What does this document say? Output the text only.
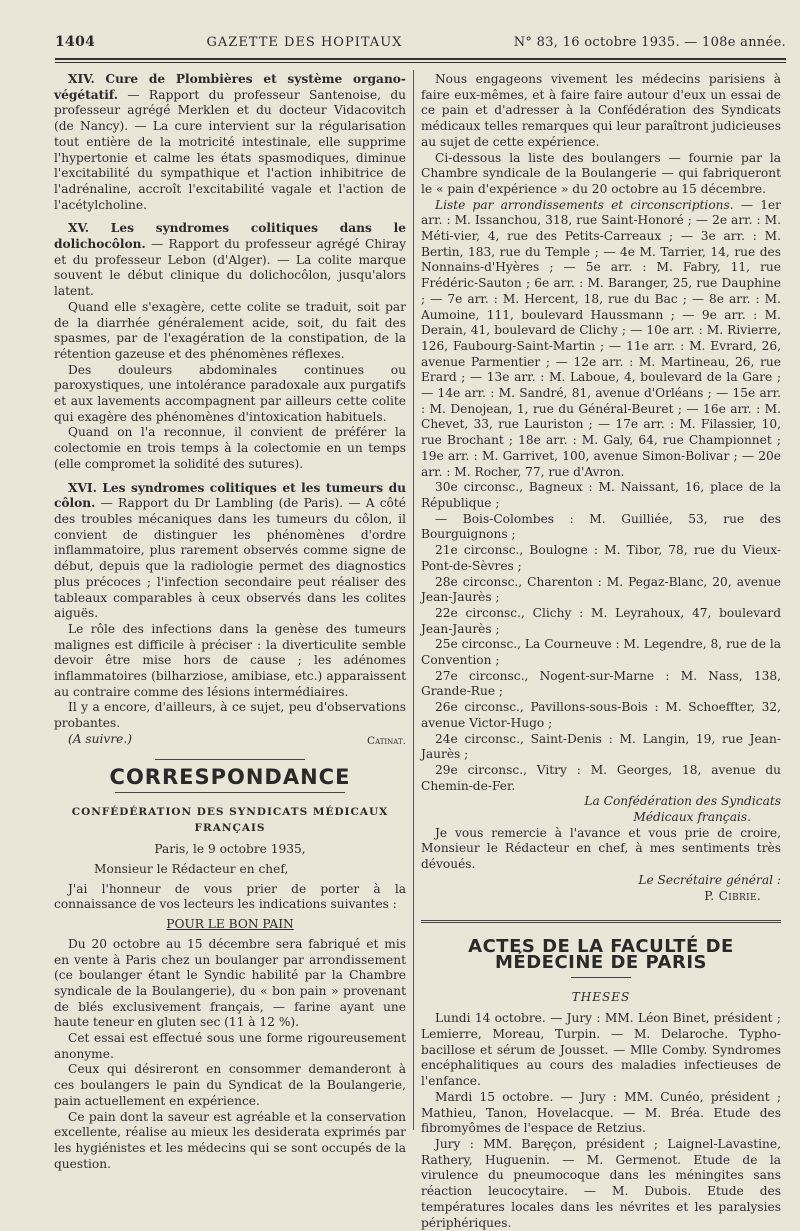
1404	GAZETTE DES HOPITAUX	N° 83, 16 octobre 1935. — 108e année.

XIV. Cure de Plombières et système organo-végétatif. — Rapport du professeur Santenoise, du professeur agrégé Merklen et du docteur Vidacovitch (de Nancy). — La cure intervient sur la régularisation tout entière de la motricité intestinale, elle supprime l'hypertonie et calme les états spasmodiques, diminue l'excitabilité du sympathique et l'action inhibitrice de l'adrénaline, accroît l'excitabilité vagale et l'action de l'acétylcholine.

XV. Les syndromes colitiques dans le dolichocôlon. — Rapport du professeur agrégé Chiray et du professeur Lebon (d'Alger). — La colite marque souvent le début clinique du dolichocôlon, jusqu'alors latent.

Quand elle s'exagère, cette colite se traduit, soit par de la diarrhée généralement acide, soit, du fait des spasmes, par de l'exagération de la constipation, de la rétention gazeuse et des phénomènes réflexes.

Des douleurs abdominales continues ou paroxystiques, une intolérance paradoxale aux purgatifs et aux lavements accompagnent par ailleurs cette colite qui exagère des phénomènes d'intoxication habituels.

Quand on l'a reconnue, il convient de préférer la colectomie en trois temps à la colectomie en un temps (elle compromet la solidité des sutures).

XVI. Les syndromes colitiques et les tumeurs du côlon. — Rapport du Dr Lambling (de Paris). — A côté des troubles mécaniques dans les tumeurs du côlon, il convient de distinguer les phénomènes d'ordre inflammatoire, plus rarement observés comme signe de début, depuis que la radiologie permet des diagnostics plus précoces ; l'infection secondaire peut réaliser des tableaux comparables à ceux observés dans les colites aiguës.

Le rôle des infections dans la genèse des tumeurs malignes est difficile à préciser : la diverticulite semble devoir être mise hors de cause ; les adénomes inflammatoires (bilharziose, amibiase, etc.) apparaissent au contraire comme des lésions intermédiaires.

Il y a encore, d'ailleurs, à ce sujet, peu d'observations probantes.

(A suivre.)	Catinat.
CORRESPONDANCE
CONFÉDÉRATION DES SYNDICATS MÉDICAUX FRANÇAIS

Paris, le 9 octobre 1935,

Monsieur le Rédacteur en chef,

J'ai l'honneur de vous prier de porter à la connaissance de vos lecteurs les indications suivantes :

POUR LE BON PAIN

Du 20 octobre au 15 décembre sera fabriqué et mis en vente à Paris chez un boulanger par arrondissement (ce boulanger étant le Syndic habilité par la Chambre syndicale de la Boulangerie), du « bon pain » provenant de blés exclusivement français, — farine ayant une haute teneur en gluten sec (11 à 12 %).

Cet essai est effectué sous une forme rigoureusement anonyme.

Ceux qui désireront en consommer demanderont à ces boulangers le pain du Syndicat de la Boulangerie, pain actuellement en expérience.

Ce pain dont la saveur est agréable et la conservation excellente, réalise au mieux les desiderata exprimés par les hygiénistes et les médecins qui se sont occupés de la question.

Nous engageons vivement les médecins parisiens à faire eux-mêmes, et à faire faire autour d'eux un essai de ce pain et d'adresser à la Confédération des Syndicats médicaux telles remarques qui leur paraîtront judicieuses au sujet de cette expérience.

Ci-dessous la liste des boulangers — fournie par la Chambre syndicale de la Boulangerie — qui fabriqueront le « pain d'expérience » du 20 octobre au 15 décembre.

Liste par arrondissements et circonscriptions. — 1er arr. : M. Issanchou, 318, rue Saint-Honoré ; — 2e arr. : M. Méti-vier, 4, rue des Petits-Carreaux ; — 3e arr. : M. Bertin, 183, rue du Temple ; — 4e M. Tarrier, 14, rue des Nonnains-d'Hyères ; — 5e arr. : M. Fabry, 11, rue Frédéric-Sauton ; 6e arr. : M. Baranger, 25, rue Dauphine ; — 7e arr. : M. Hercent, 18, rue du Bac ; — 8e arr. : M. Aumoine, 111, boulevard Haussmann ; — 9e arr. : M. Derain, 41, boulevard de Clichy ; — 10e arr. : M. Rivierre, 126, Faubourg-Saint-Martin ; — 11e arr. : M. Evrard, 26, avenue Parmentier ; — 12e arr. : M. Martineau, 26, rue Erard ; — 13e arr. : M. Laboue, 4, boulevard de la Gare ; — 14e arr. : M. Sandré, 81, avenue d'Orléans ; — 15e arr. : M. Denojean, 1, rue du Général-Beuret ; — 16e arr. : M. Chevet, 33, rue Lauriston ; — 17e arr. : M. Filassier, 10, rue Brochant ; 18e arr. : M. Galy, 64, rue Championnet ; 19e arr. : M. Garrivet, 100, avenue Simon-Bolivar ; — 20e arr. : M. Rocher, 77, rue d'Avron.

30e circonsc., Bagneux : M. Naissant, 16, place de la République ;

— Bois-Colombes : M. Guilliée, 53, rue des Bourguignons ;

21e circonsc., Boulogne : M. Tibor, 78, rue du Vieux-Pont-de-Sèvres ;

28e circonsc., Charenton : M. Pegaz-Blanc, 20, avenue Jean-Jaurès ;

22e circonsc., Clichy : M. Leyrahoux, 47, boulevard Jean-Jaurès ;

25e circonsc., La Courneuve : M. Legendre, 8, rue de la Convention ;

27e circonsc., Nogent-sur-Marne : M. Nass, 138, Grande-Rue ;

26e circonsc., Pavillons-sous-Bois : M. Schoeffter, 32, avenue Victor-Hugo ;

24e circonsc., Saint-Denis : M. Langin, 19, rue Jean-Jaurès ;

29e circonsc., Vitry : M. Georges, 18, avenue du Chemin-de-Fer.

La Confédération des Syndicats

Médicaux français.

Je vous remercie à l'avance et vous prie de croire, Monsieur le Rédacteur en chef, à mes sentiments très dévoués.

Le Secrétaire général :

P. Cibrie.

ACTES DE LA FACULTÉ DE MÉDECINE DE PARIS
THESES

Lundi 14 octobre. — Jury : MM. Léon Binet, président ; Lemierre, Moreau, Turpin. — M. Delaroche. Typho-bacillose et sérum de Jousset. — Mlle Comby. Syndromes encéphalitiques au cours des maladies infectieuses de l'enfance.

Mardi 15 octobre. — Jury : MM. Cunéo, président ; Mathieu, Tanon, Hovelacque. — M. Bréa. Etude des fibromyômes de l'espace de Retzius.

Jury : MM. Baręçon, président ; Laignel-Lavastine, Rathery, Huguenin. — M. Germenot. Etude de la virulence du pneumocoque dans les méningites sans réaction leucocytaire. — M. Dubois. Etude des températures locales dans les névrites et les paralysies périphériques.
